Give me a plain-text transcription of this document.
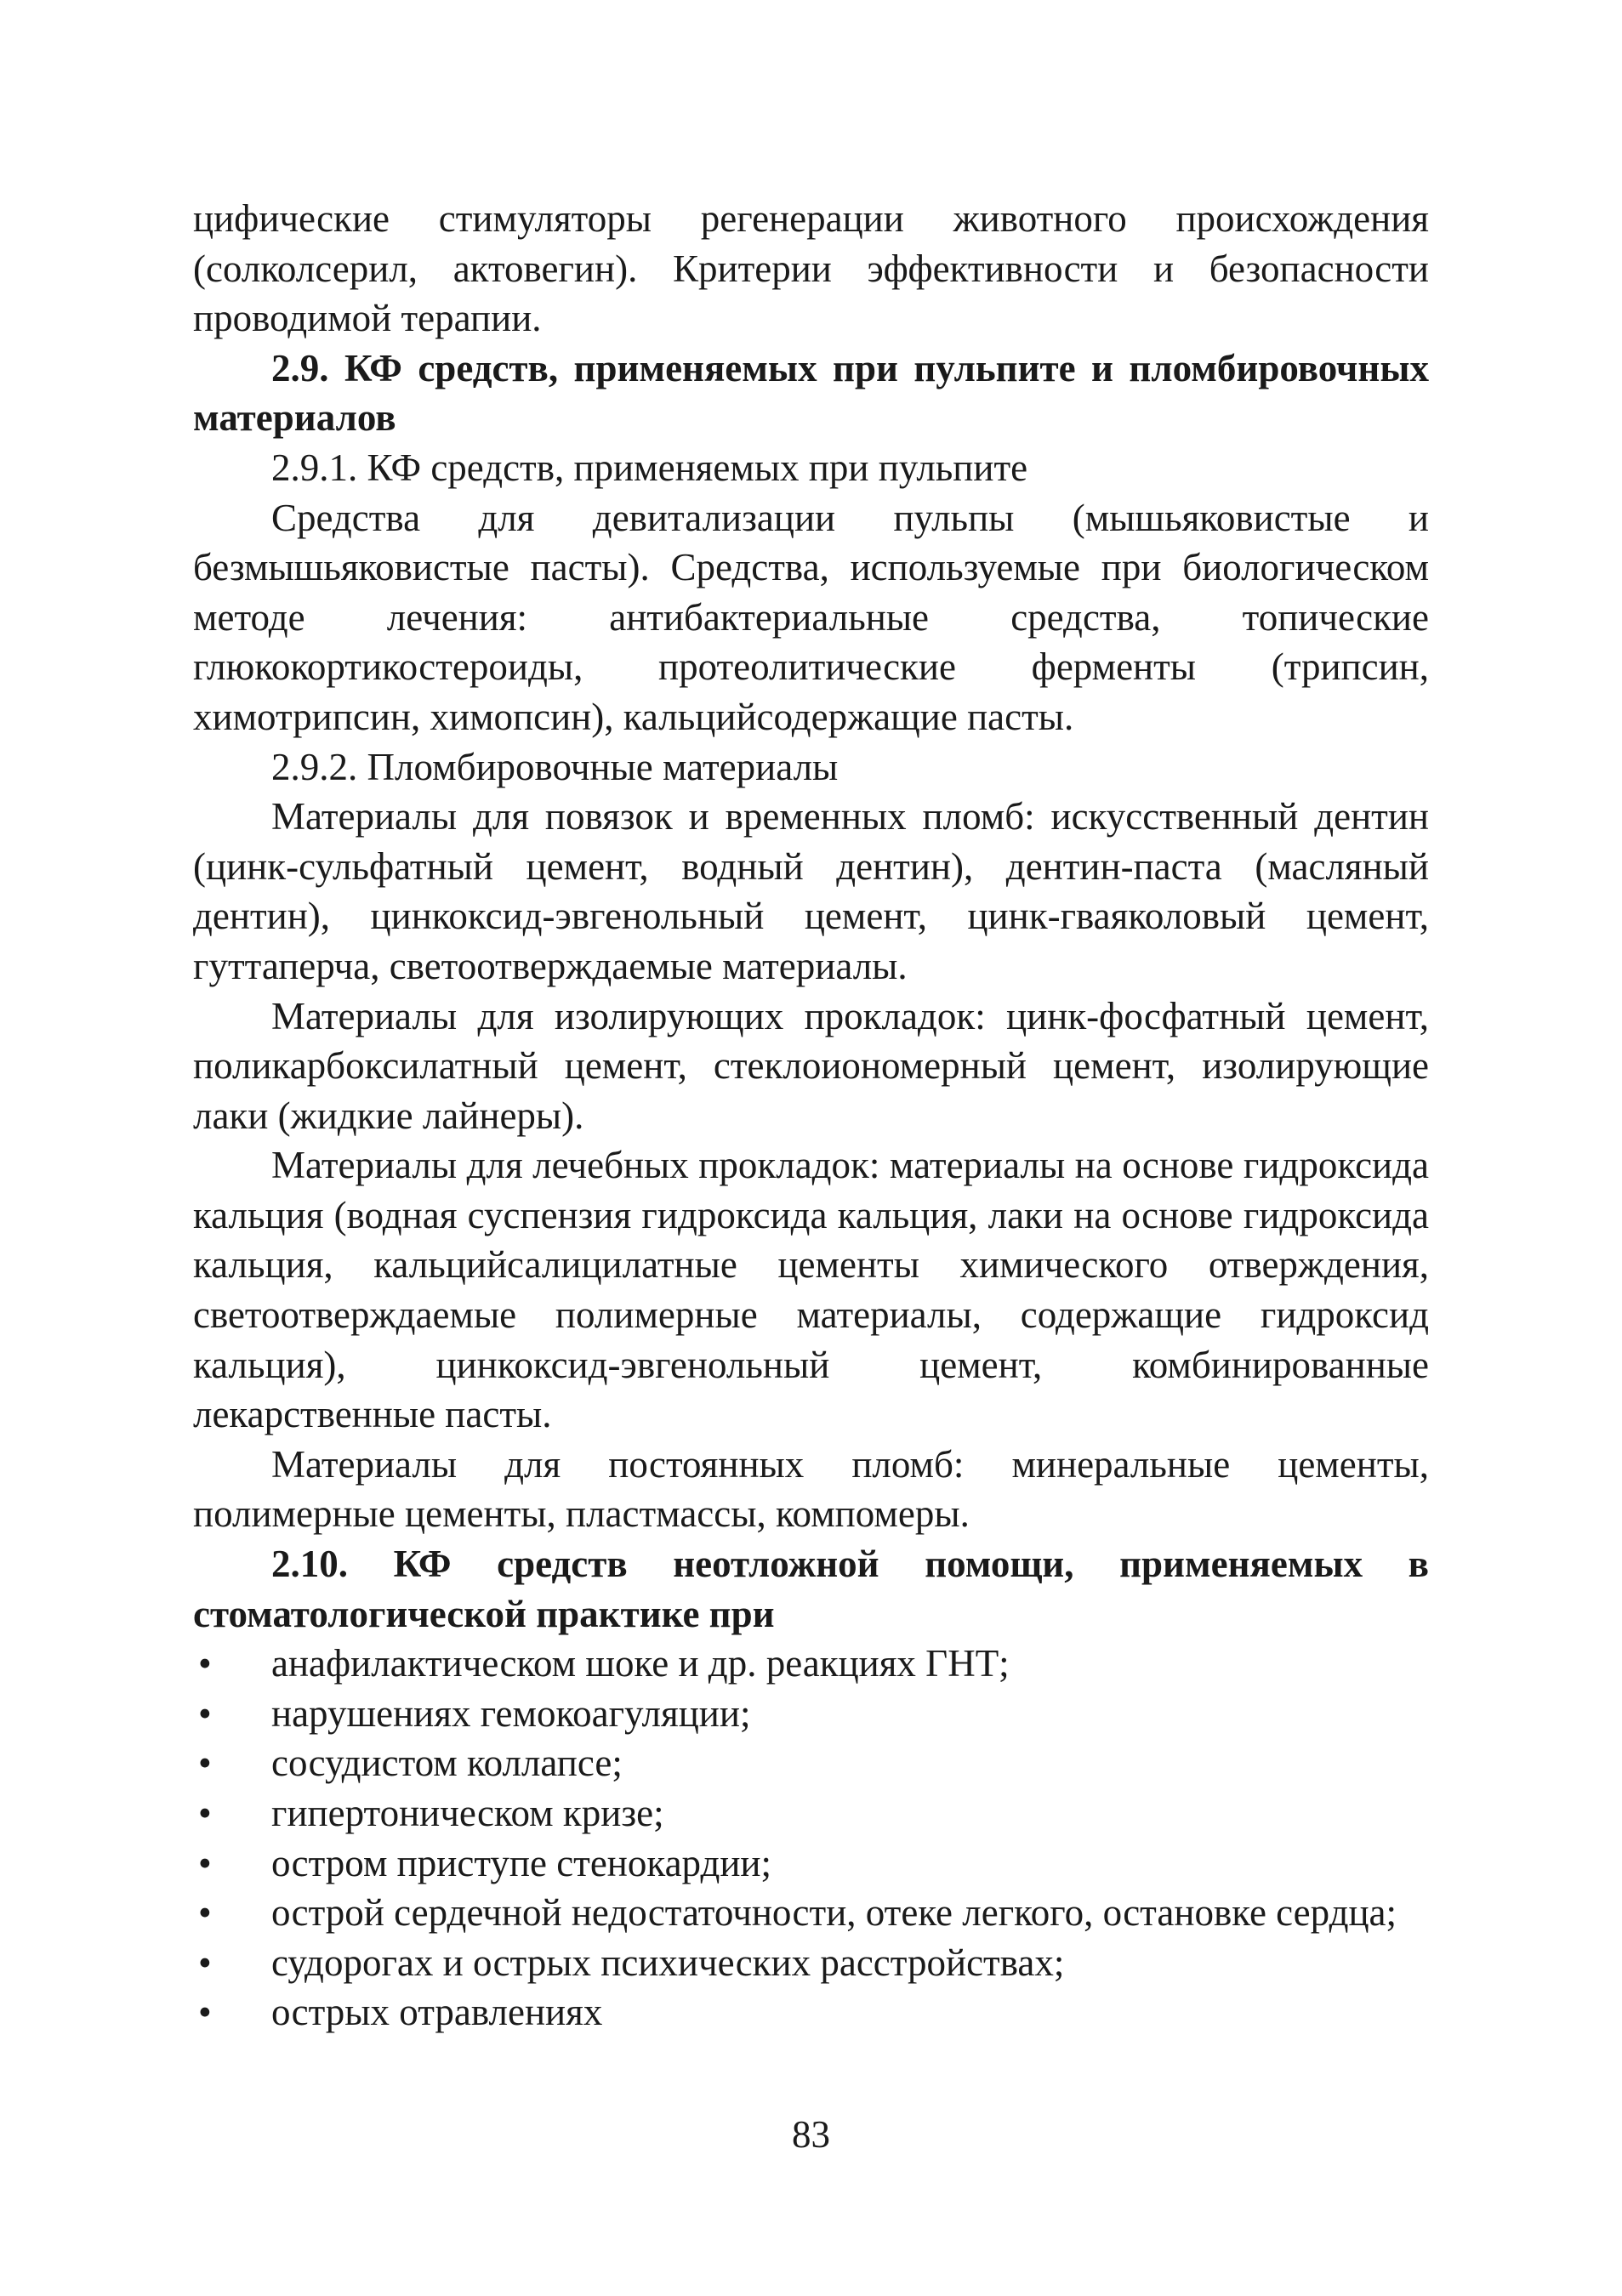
цифические стимуляторы регенерации животного происхождения (солколсерил, актовегин). Критерии эффективности и безопасности проводимой терапии.

2.9. КФ средств, применяемых при пульпите и пломбировочных материалов

2.9.1. КФ средств, применяемых при пульпите

Средства для девитализации пульпы (мышьяковистые и безмышьяковистые пасты). Средства, используемые при биологическом методе лечения: антибактериальные средства, топические глюкокортикостероиды, протеолитические ферменты (трипсин, химотрипсин, химопсин), кальцийсодержащие пасты.

2.9.2. Пломбировочные материалы

Материалы для повязок и временных пломб: искусственный дентин (цинк-сульфатный цемент, водный дентин), дентин-паста (масляный дентин), цинкоксид-эвгенольный цемент, цинк-гваяколовый цемент, гуттаперча, светоотверждаемые материалы.

Материалы для изолирующих прокладок: цинк-фосфатный цемент, поликарбоксилатный цемент, стеклоиономерный цемент, изолирующие лаки (жидкие лайнеры).

Материалы для лечебных прокладок: материалы на основе гидроксида кальция (водная суспензия гидроксида кальция, лаки на основе гидроксида кальция, кальцийсалицилатные цементы химического отверждения, светоотверждаемые полимерные материалы, содержащие гидроксид кальция), цинкоксид-эвгенольный цемент, комбинированные лекарственные пасты.

Материалы для постоянных пломб: минеральные цементы, полимерные цементы, пластмассы, компомеры.

2.10. КФ средств неотложной помощи, применяемых в стоматологической практике при

• анафилактическом шоке и др. реакциях ГНТ;
• нарушениях гемокоагуляции;
• сосудистом коллапсе;
• гипертоническом кризе;
• остром приступе стенокардии;
• острой сердечной недостаточности, отеке легкого, остановке сердца;
• судорогах и острых психических расстройствах;
• острых отравлениях
83
